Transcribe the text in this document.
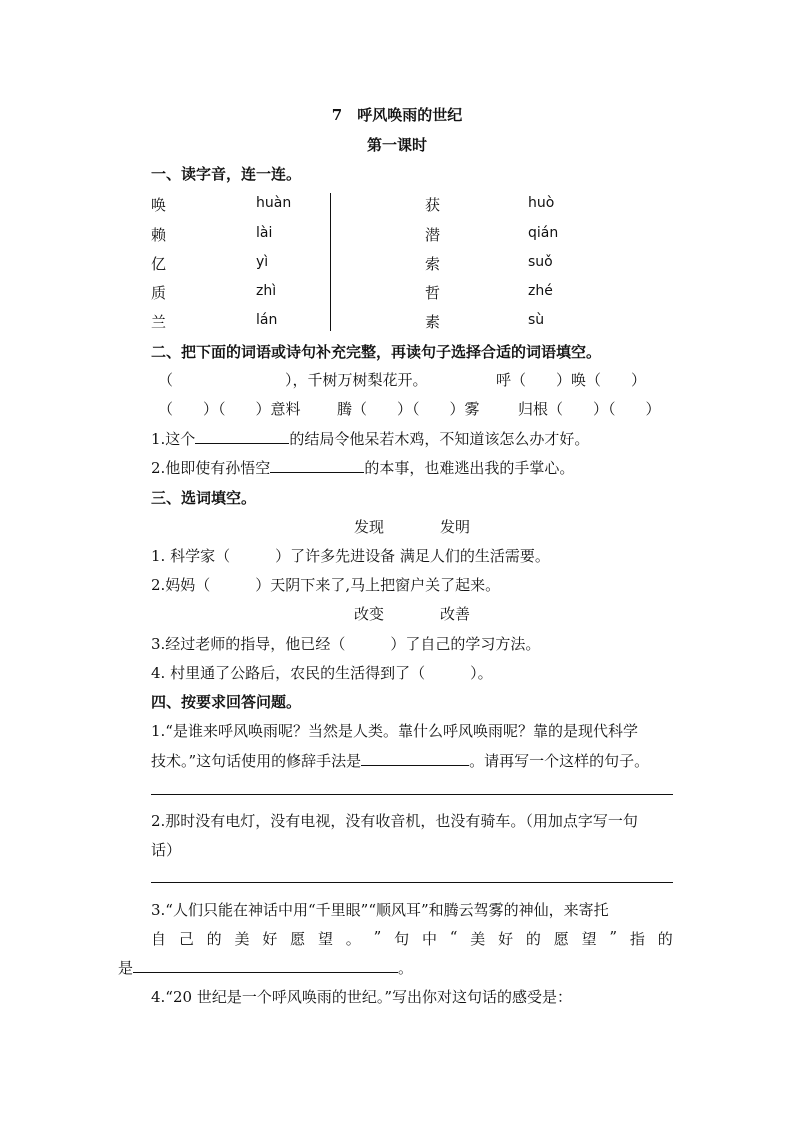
7　呼风唤雨的世纪
第一课时
一、读字音，连一连。
唤	huàn
赖	lài
亿	yì
质	zhì
兰	lán
获	huò
潜	qián
索	suǒ
哲	zhé
素	sù
二、把下面的词语或诗句补充完整，再读句子选择合适的词语填空。
（	），千树万树梨花开。	呼（　　）唤（　　）
（　　）（　　）意料 腾（　　）（　　）雾	归根（　　）（　　）
1.这个	的结局令他呆若木鸡，不知道该怎么办才好。
2.他即使有孙悟空	的本事，也难逃出我的手掌心。
三、选词填空。
发现	发明
1. 科学家（　　　）了许多先进设备 满足人们的生活需要。
2.妈妈（　　　）天阴下来了,马上把窗户关了起来。
改变	改善
3.经过老师的指导，他已经（　　　）了自己的学习方法。
4. 村里通了公路后，农民的生活得到了（　　　）。
四、按要求回答问题。
1.“是谁来呼风唤雨呢？当然是人类。靠什么呼风唤雨呢？靠的是现代科学
技术。”这句话使用的修辞手法是	。请再写一个这样的句子。
2.那时没有电灯，没有电视，没有收音机，也没有骑车。（用加点字写一句
话）
3.“人们只能在神话中用“千里眼”“顺风耳”和腾云驾雾的神仙，来寄托
自 己 的 美 好 愿 望 。 ” 句 中 “ 美 好 的 愿 望 ” 指 的
是	。
4.“20 世纪是一个呼风唤雨的世纪。”写出你对这句话的感受是：
